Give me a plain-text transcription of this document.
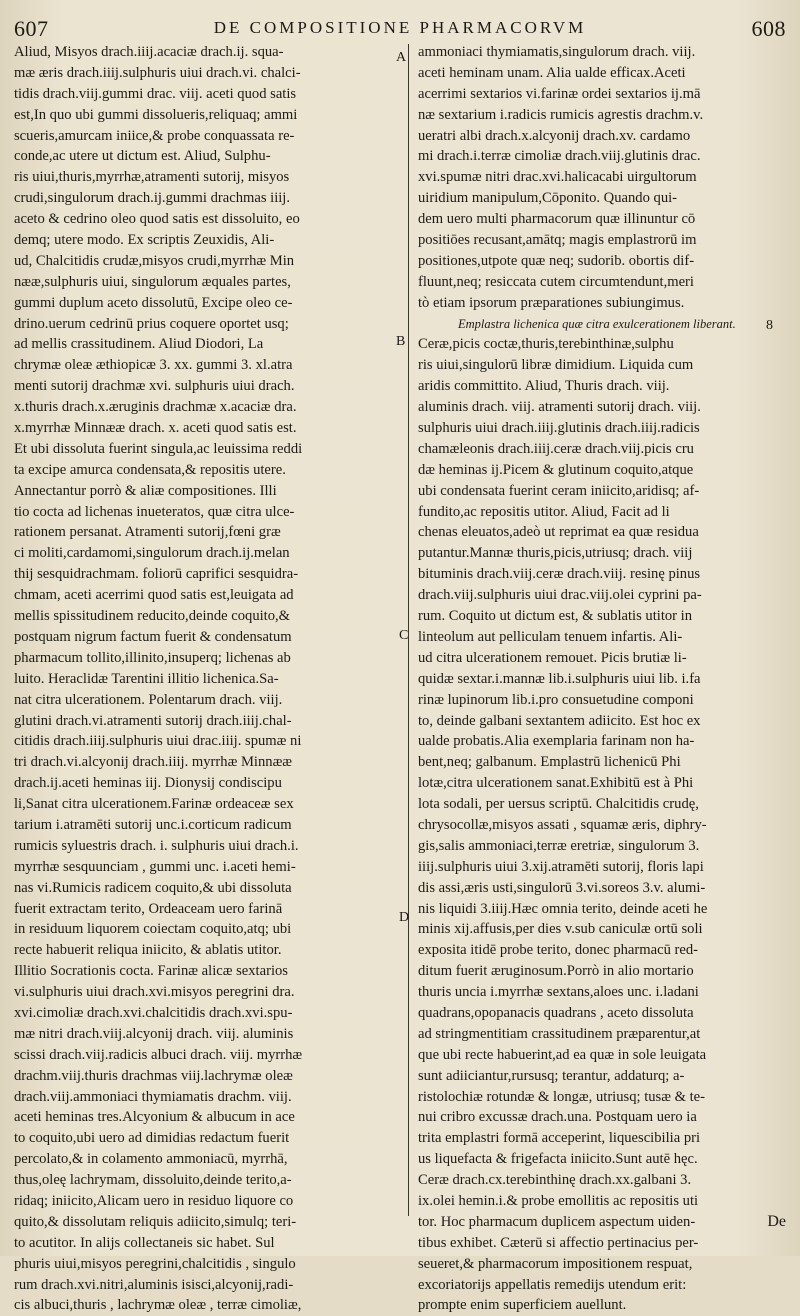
607	DE COMPOSITIONE PHARMACORVM	608
Aliud, Misyos drach.iiij.acaciæ drach.ij. squa-
mæ æris drach.iiij.sulphuris uiui drach.vi. chalci-
tidis drach.viij.gummi drac. viij. aceti quod satis
est,In quo ubi gummi dissolueris,reliquaq; ammi
scueris,amurcam iniice,& probe conquassata re-
conde,ac utere ut dictum est. Aliud, Sulphu-
ris uiui,thuris,myrrhæ,atramenti sutorij, misyos
crudi,singulorum drach.ij.gummi drachmas iiij.
aceto & cedrino oleo quod satis est dissoluito, eo
demq; utere modo. Ex scriptis Zeuxidis, Ali-
ud, Chalcitidis crudæ,misyos crudi,myrrhæ Min
nææ,sulphuris uiui, singulorum æquales partes,
gummi duplum aceto dissolutū, Excipe oleo ce-
drino.uerum cedrinū prius coquere oportet usq;
ad mellis crassitudinem. Aliud Diodori, La
chrymæ oleæ æthiopicæ 3. xx. gummi 3. xl.atra
menti sutorij drachmæ xvi. sulphuris uiui drach.
x.thuris drach.x.æruginis drachmæ x.acaciæ dra.
x.myrrhæ Minnææ drach. x. aceti quod satis est.
Et ubi dissoluta fuerint singula,ac leuissima reddi
ta excipe amurca condensata,& repositis utere.
Annectantur porrò & aliæ compositiones. Illi
tio cocta ad lichenas inueteratos, quæ citra ulce-
rationem persanat. Atramenti sutorij,fœni græ
ci moliti,cardamomi,singulorum drach.ij.melan
thij sesquidrachmam. foliorū caprifici sesquidra-
chmam, aceti acerrimi quod satis est,leuigata ad
mellis spissitudinem reducito,deinde coquito,&
postquam nigrum factum fuerit & condensatum
pharmacum tollito,illinito,insuperq; lichenas ab
luito. Heraclidæ Tarentini illitio lichenica.Sa-
nat citra ulcerationem. Polentarum drach. viij.
glutini drach.vi.atramenti sutorij drach.iiij.chal-
citidis drach.iiij.sulphuris uiui drac.iiij. spumæ ni
tri drach.vi.alcyonij drach.iiij. myrrhæ Minnææ
drach.ij.aceti heminas iij. Dionysij condiscipu
li,Sanat citra ulcerationem.Farinæ ordeaceæ sex
tarium i.atramēti sutorij unc.i.corticum radicum
rumicis syluestris drach. i. sulphuris uiui drach.i.
myrrhæ sesquunciam , gummi unc. i.aceti hemi-
nas vi.Rumicis radicem coquito,& ubi dissoluta
fuerit extractam terito, Ordeaceam uero farinā
in residuum liquorem coiectam coquito,atq; ubi
recte habuerit reliqua iniicito, & ablatis utitor.
Illitio Socrationis cocta. Farinæ alicæ sextarios
vi.sulphuris uiui drach.xvi.misyos peregrini dra.
xvi.cimoliæ drach.xvi.chalcitidis drach.xvi.spu-
mæ nitri drach.viij.alcyonij drach. viij. aluminis
scissi drach.viij.radicis albuci drach. viij. myrrhæ
drachm.viij.thuris drachmas viij.lachrymæ oleæ
drach.viij.ammoniaci thymiamatis drachm. viij.
aceti heminas tres.Alcyonium & albucum in ace
to coquito,ubi uero ad dimidias redactum fuerit
percolato,& in colamento ammoniacū, myrrhā,
thus,oleę lachrymam, dissoluito,deinde terito,a-
ridaq; iniicito,Alicam uero in residuo liquore co
quito,& dissolutam reliquis adiicito,simulq; teri-
to acutitor. In alijs collectaneis sic habet. Sul
phuris uiui,misyos peregrini,chalcitidis , singulo
rum drach.xvi.nitri,aluminis isisci,alcyonij,radi-
cis albuci,thuris , lachrymæ oleæ , terræ cimoliæ,
ammoniaci thymiamatis,singulorum drach. viij.
aceti heminam unam. Alia ualde efficax.Aceti
acerrimi sextarios vi.farinæ ordei sextarios ij.mā
næ sextarium i.radicis rumicis agrestis drachm.v.
ueratri albi drach.x.alcyonij drach.xv. cardamo
mi drach.i.terræ cimoliæ drach.viij.glutinis drac.
xvi.spumæ nitri drac.xvi.halicacabi uirgultorum
uiridium manipulum,Cōponito. Quando qui-
dem uero multi pharmacorum quæ illinuntur cō
positiōes recusant,amātq; magis emplastrorū im
positiones,utpote quæ neq; sudorib. obortis dif-
fluunt,neq; resiccata cutem circumtendunt,meri
tò etiam ipsorum præparationes subiungimus.
Emplastra lichenica quæ citra exulcerationem liberant.
Ceræ,picis coctæ,thuris,terebinthinæ,sulphu
ris uiui,singulorū libræ dimidium. Liquida cum
aridis committito. Aliud, Thuris drach. viij.
aluminis drach. viij. atramenti sutorij drach. viij.
sulphuris uiui drach.iiij.glutinis drach.iiij.radicis
chamæleonis drach.iiij.ceræ drach.viij.picis cru
dæ heminas ij.Picem & glutinum coquito,atque
ubi condensata fuerint ceram iniicito,aridisq; af-
fundito,ac repositis utitor. Aliud, Facit ad li
chenas eleuatos,adeò ut reprimat ea quæ residua
putantur.Mannæ thuris,picis,utriusq; drach. viij
bituminis drach.viij.ceræ drach.viij. resinę pinus
drach.viij.sulphuris uiui drac.viij.olei cyprini pa-
rum. Coquito ut dictum est, & sublatis utitor in
linteolum aut pelliculam tenuem infartis. Ali-
ud citra ulcerationem remouet. Picis brutiæ li-
quidæ sextar.i.mannæ lib.i.sulphuris uiui lib. i.fa
rinæ lupinorum lib.i.pro consuetudine componi
to, deinde galbani sextantem adiicito. Est hoc ex
ualde probatis.Alia exemplaria farinam non ha-
bent,neq; galbanum. Emplastrū lichenicū Phi
lotæ,citra ulcerationem sanat.Exhibitū est à Phi
lota sodali, per uersus scriptū. Chalcitidis crudę,
chrysocollæ,misyos assati , squamæ æris, diphry-
gis,salis ammoniaci,terræ eretriæ, singulorum 3.
iiij.sulphuris uiui 3.xij.atramēti sutorij, floris lapi
dis assi,æris usti,singulorū 3.vi.soreos 3.v. alumi-
nis liquidi 3.iiij.Hæc omnia terito, deinde aceti he
minis xij.affusis,per dies v.sub caniculæ ortū soli
exposita itidē probe terito, donec pharmacū red-
ditum fuerit æruginosum.Porrò in alio mortario
thuris uncia i.myrrhæ sextans,aloes unc. i.ladani
quadrans,opopanacis quadrans , aceto dissoluta
ad stringmentitiam crassitudinem præparentur,at
que ubi recte habuerint,ad ea quæ in sole leuigata
sunt adiiciantur,rursusq; terantur, addaturq; a-
ristolochiæ rotundæ & longæ, utriusq; tusæ & te-
nui cribro excussæ drach.una. Postquam uero ia
trita emplastri formā acceperint, liquescibilia pri
us liquefacta & frigefacta iniicito.Sunt autē hęc.
Ceræ drach.cx.terebinthinę drach.xx.galbani 3.
ix.olei hemin.i.& probe emollitis ac repositis uti
tor. Hoc pharmacum duplicem aspectum uiden-
tibus exhibet. Cæterū si affectio pertinacius per-
seueret,& pharmacorum impositionem respuat,
excoriatorijs appellatis remedijs utendum erit:
prompte enim superficiem auellunt.
A
B
C
D
8
De
